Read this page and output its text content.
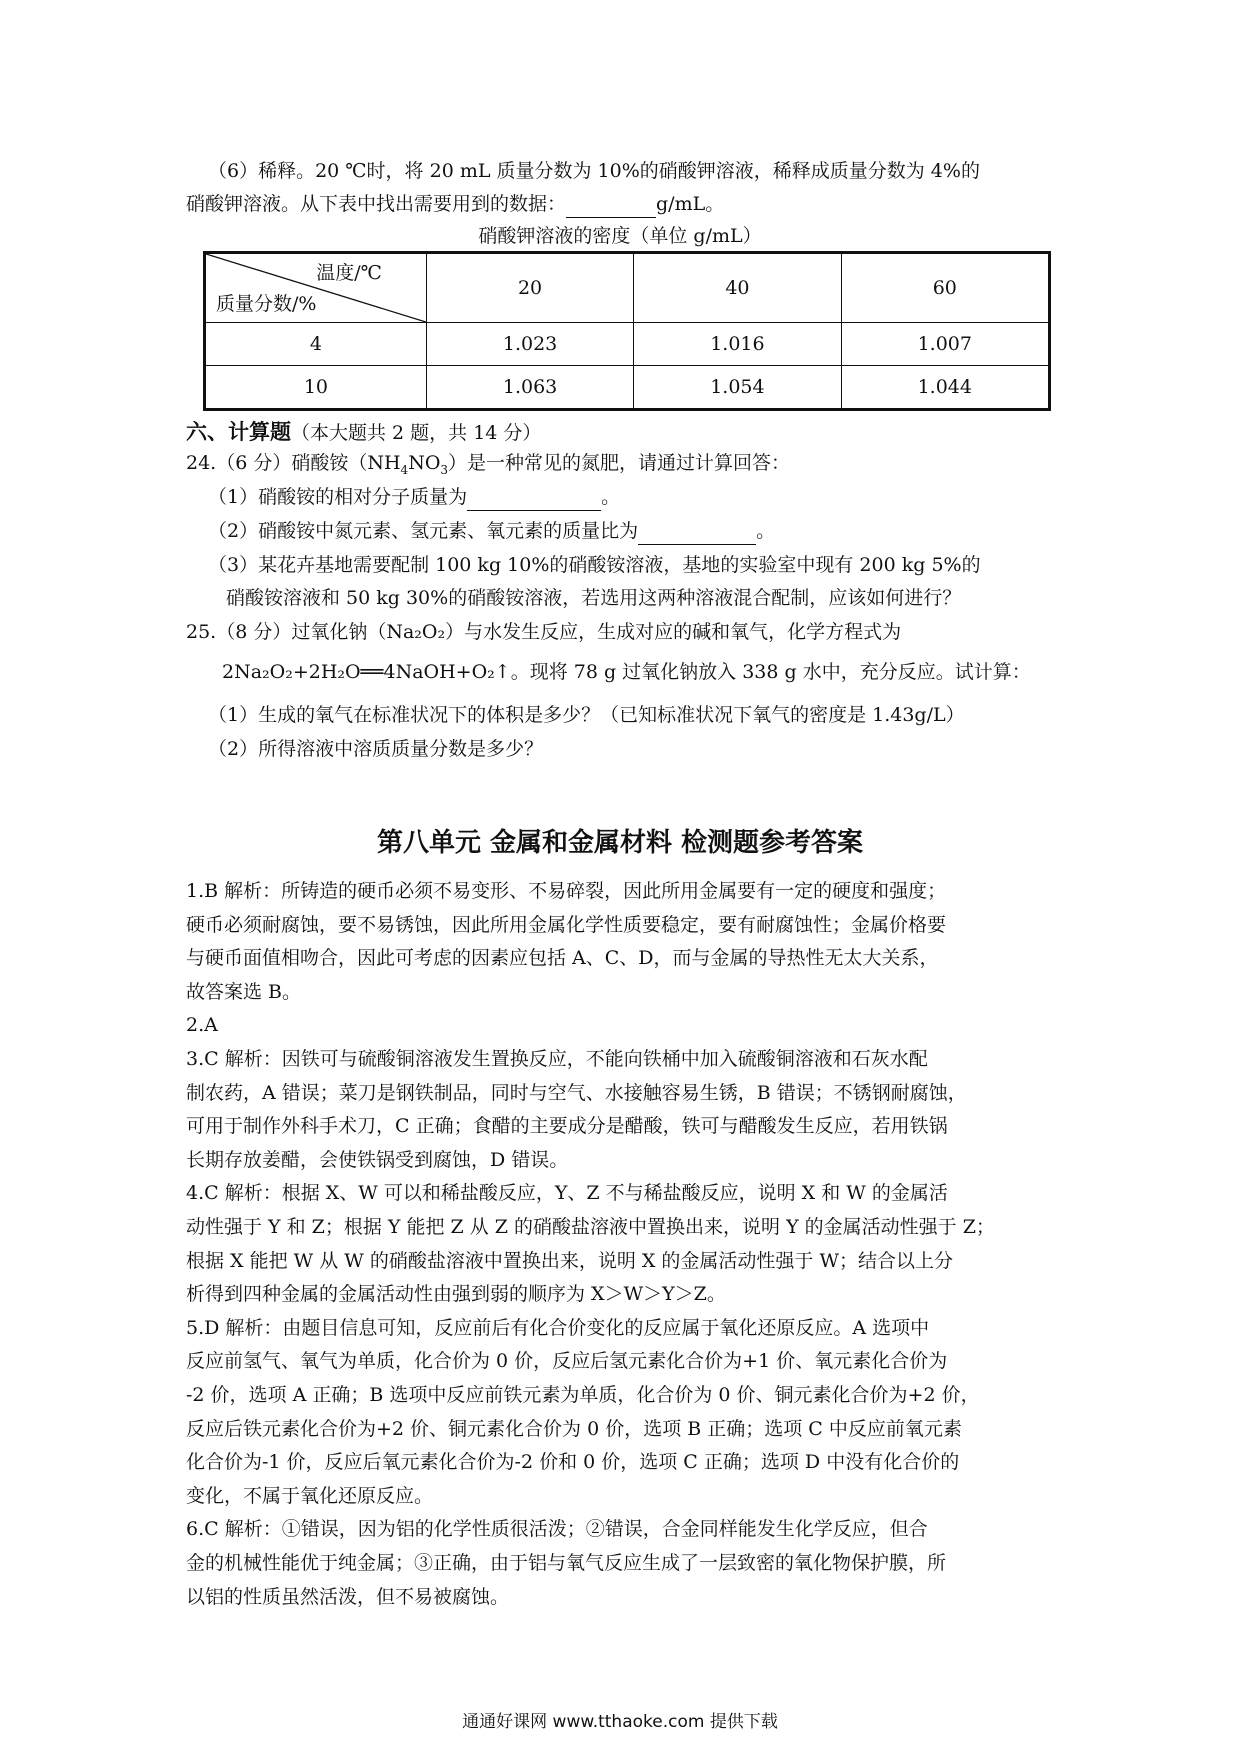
（6）稀释。20 ℃时，将 20 mL 质量分数为 10%的硝酸钾溶液，稀释成质量分数为 4%的
硝酸钾溶液。从下表中找出需要用到的数据：	g/mL。
硝酸钾溶液的密度（单位 g/mL）
温度/℃
质量分数/%	20	40	60
4	1.023	1.016	1.007
10	1.063	1.054	1.044
六、计算题（本大题共 2 题，共 14 分）
24.（6 分）硝酸铵$(NH_4NO_3)$是一种常见的氮肥，请通过计算回答：
（1）硝酸铵的相对分子质量为	。
（2）硝酸铵中氮元素、氢元素、氧元素的质量比为	。
（3）某花卉基地需要配制 100 kg 10%的硝酸铵溶液，基地的实验室中现有 200 kg 5%的
硝酸铵溶液和 50 kg 30%的硝酸铵溶液，若选用这两种溶液混合配制，应该如何进行？
25.（8 分）过氧化钠（Na₂O₂）与水发生反应，生成对应的碱和氧气，化学方程式为
2Na₂O₂+2H₂O══4NaOH+O₂↑。现将 78 g 过氧化钠放入 338 g 水中，充分反应。试计算：
（1）生成的氧气在标准状况下的体积是多少？（已知标准状况下氧气的密度是 1.43g/L）
（2）所得溶液中溶质质量分数是多少？
第八单元 金属和金属材料 检测题参考答案
1.B 解析：所铸造的硬币必须不易变形、不易碎裂，因此所用金属要有一定的硬度和强度；
硬币必须耐腐蚀，要不易锈蚀，因此所用金属化学性质要稳定，要有耐腐蚀性；金属价格要
与硬币面值相吻合，因此可考虑的因素应包括 A、C、D，而与金属的导热性无太大关系，
故答案选 B。
2.A
3.C 解析：因铁可与硫酸铜溶液发生置换反应，不能向铁桶中加入硫酸铜溶液和石灰水配
制农药，A 错误；菜刀是钢铁制品，同时与空气、水接触容易生锈，B 错误；不锈钢耐腐蚀，
可用于制作外科手术刀，C 正确；食醋的主要成分是醋酸，铁可与醋酸发生反应，若用铁锅
长期存放姜醋，会使铁锅受到腐蚀，D 错误。
4.C 解析：根据 X、W 可以和稀盐酸反应，Y、Z 不与稀盐酸反应，说明 X 和 W 的金属活
动性强于 Y 和 Z；根据 Y 能把 Z 从 Z 的硝酸盐溶液中置换出来，说明 Y 的金属活动性强于 Z；
根据 X 能把 W 从 W 的硝酸盐溶液中置换出来，说明 X 的金属活动性强于 W；结合以上分
析得到四种金属的金属活动性由强到弱的顺序为 X＞W＞Y＞Z。
5.D 解析：由题目信息可知，反应前后有化合价变化的反应属于氧化还原反应。A 选项中
反应前氢气、氧气为单质，化合价为 0 价，反应后氢元素化合价为+1 价、氧元素化合价为
-2 价，选项 A 正确；B 选项中反应前铁元素为单质，化合价为 0 价、铜元素化合价为+2 价，
反应后铁元素化合价为+2 价、铜元素化合价为 0 价，选项 B 正确；选项 C 中反应前氧元素
化合价为-1 价，反应后氧元素化合价为-2 价和 0 价，选项 C 正确；选项 D 中没有化合价的
变化，不属于氧化还原反应。
6.C 解析：①错误，因为铝的化学性质很活泼；②错误，合金同样能发生化学反应，但合
金的机械性能优于纯金属；③正确，由于铝与氧气反应生成了一层致密的氧化物保护膜，所
以铝的性质虽然活泼，但不易被腐蚀。
通通好课网 www.tthaoke.com 提供下载
